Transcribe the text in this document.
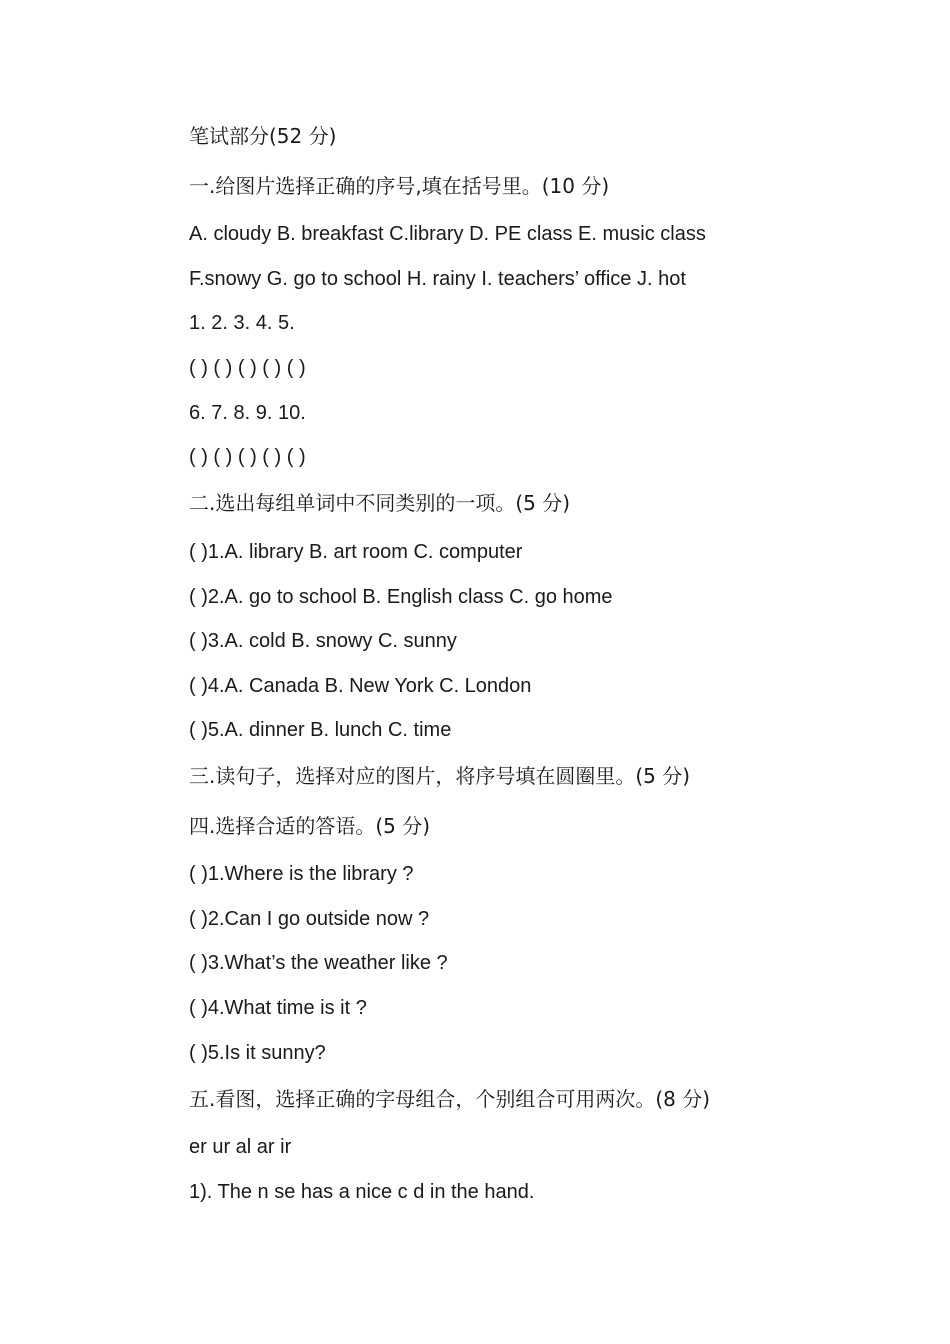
笔试部分(52 分)
一.给图片选择正确的序号,填在括号里。(10 分)
A. cloudy B. breakfast C.library D. PE class E. music class
F.snowy G. go to school H. rainy I. teachers’ office J. hot
1. 2. 3. 4. 5.
( ) ( ) ( ) ( ) ( )
6. 7. 8. 9. 10.
( ) ( ) ( ) ( ) ( )
二.选出每组单词中不同类别的一项。(5 分)
( )1.A. library B. art room C. computer
( )2.A. go to school B. English class C. go home
( )3.A. cold B. snowy C. sunny
( )4.A. Canada B. New York C. London
( )5.A. dinner B. lunch C. time
三.读句子，选择对应的图片，将序号填在圆圈里。(5 分)
四.选择合适的答语。(5 分)
( )1.Where is the library ?
( )2.Can I go outside now ?
( )3.What’s the weather like ?
( )4.What time is it ?
( )5.Is it sunny?
五.看图，选择正确的字母组合，个别组合可用两次。(8 分)
er ur al ar ir
1). The n se has a nice c d in the hand.
